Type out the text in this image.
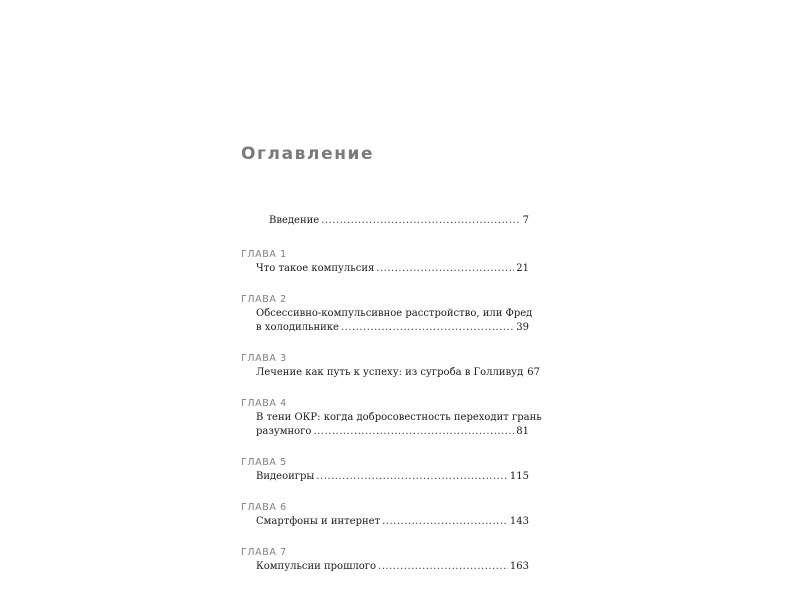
Оглавление
Введение .....	7
ГЛАВА 1
Что такое компульсия .....	21
ГЛАВА 2
Обсессивно-компульсивное расстройство, или Фред
в холодильнике .....	39
ГЛАВА 3
Лечение как путь к успеху: из сугроба в Голливуд 67
ГЛАВА 4
В тени ОКР: когда добросовестность переходит грань
разумного .....	81
ГЛАВА 5
Видеоигры .....	115
ГЛАВА 6
Смартфоны и интернет .....	143
ГЛАВА 7
Компульсии прошлого .....	163
